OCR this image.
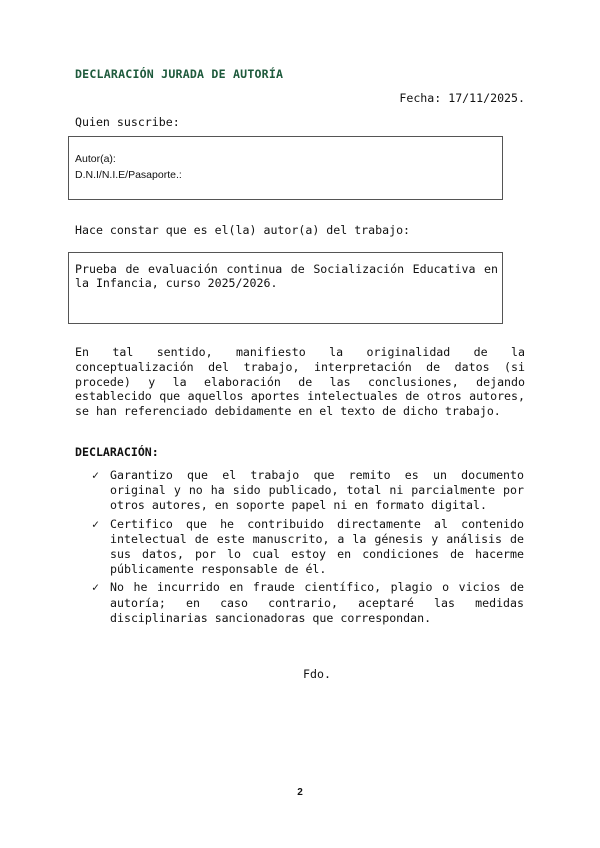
DECLARACIÓN JURADA DE AUTORÍA
Fecha: 17/11/2025.
Quien suscribe:
Autor(a):
D.N.I/N.I.E/Pasaporte.:
Hace constar que es el(la) autor(a) del trabajo:
Prueba de evaluación continua de Socialización Educativa en la Infancia, curso 2025/2026.
En tal sentido, manifiesto la originalidad de la conceptualización del trabajo, interpretación de datos (si procede) y la elaboración de las conclusiones, dejando establecido que aquellos aportes intelectuales de otros autores, se han referenciado debidamente en el texto de dicho trabajo.
DECLARACIÓN:
✓ Garantizo que el trabajo que remito es un documento original y no ha sido publicado, total ni parcialmente por otros autores, en soporte papel ni en formato digital.
✓ Certifico que he contribuido directamente al contenido intelectual de este manuscrito, a la génesis y análisis de sus datos, por lo cual estoy en condiciones de hacerme públicamente responsable de él.
✓ No he incurrido en fraude científico, plagio o vicios de autoría; en caso contrario, aceptaré las medidas disciplinarias sancionadoras que correspondan.
Fdo.
2
